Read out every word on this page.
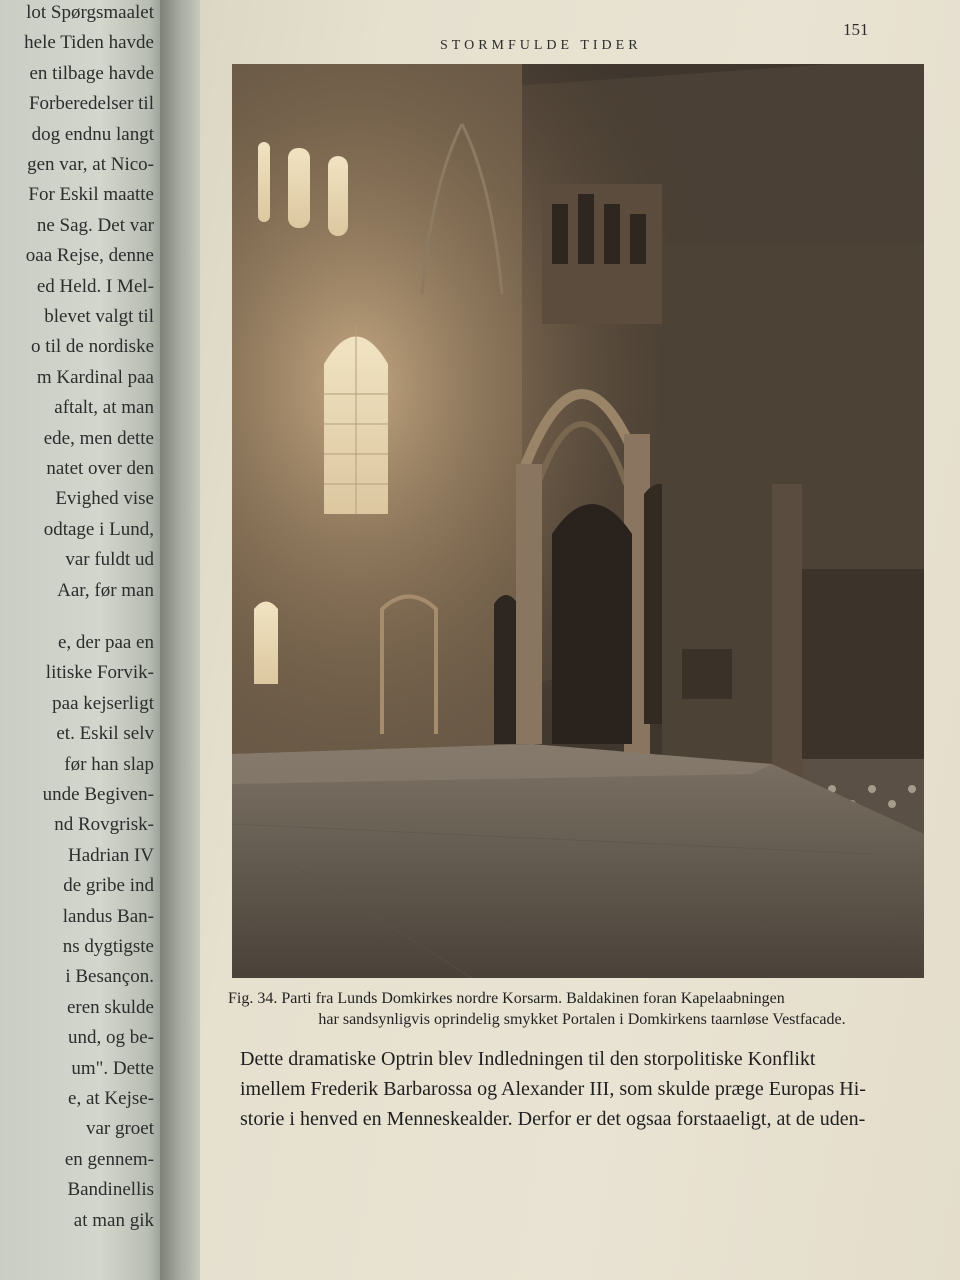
lot Spørgsmaalet
hele Tiden havde
en tilbage havde
Forberedelser til
dog endnu langt
gen var, at Nico-
For Eskil maatte
ne Sag. Det var
oaa Rejse, denne
ed Held. I Mel-
blevet valgt til
o til de nordiske
m Kardinal paa
aftalt, at man
ede, men dette
natet over den
Evighed vise
odtage i Lund,
var fuldt ud
Aar, før man
e, der paa en
litiske Forvik-
paa kejserligt
et. Eskil selv
før han slap
unde Begiven-
nd Rovgrisk-
Hadrian IV
de gribe ind
landus Ban-
ns dygtigste
i Besançon.
eren skulde
und, og be-
um". Dette
e, at Kejse-
var groet
en gennem-
Bandinellis
at man gik
STORMFULDE TIDER
151
Fig. 34. Parti fra Lunds Domkirkes nordre Korsarm. Baldakinen foran Kapelaabningen
har sandsynligvis oprindelig smykket Portalen i Domkirkens taarnløse Vestfacade.
Dette dramatiske Optrin blev Indledningen til den storpolitiske Konflikt
imellem Frederik Barbarossa og Alexander III, som skulde præge Europas Hi-
storie i henved en Menneskealder. Derfor er det ogsaa forstaaeligt, at de uden-
